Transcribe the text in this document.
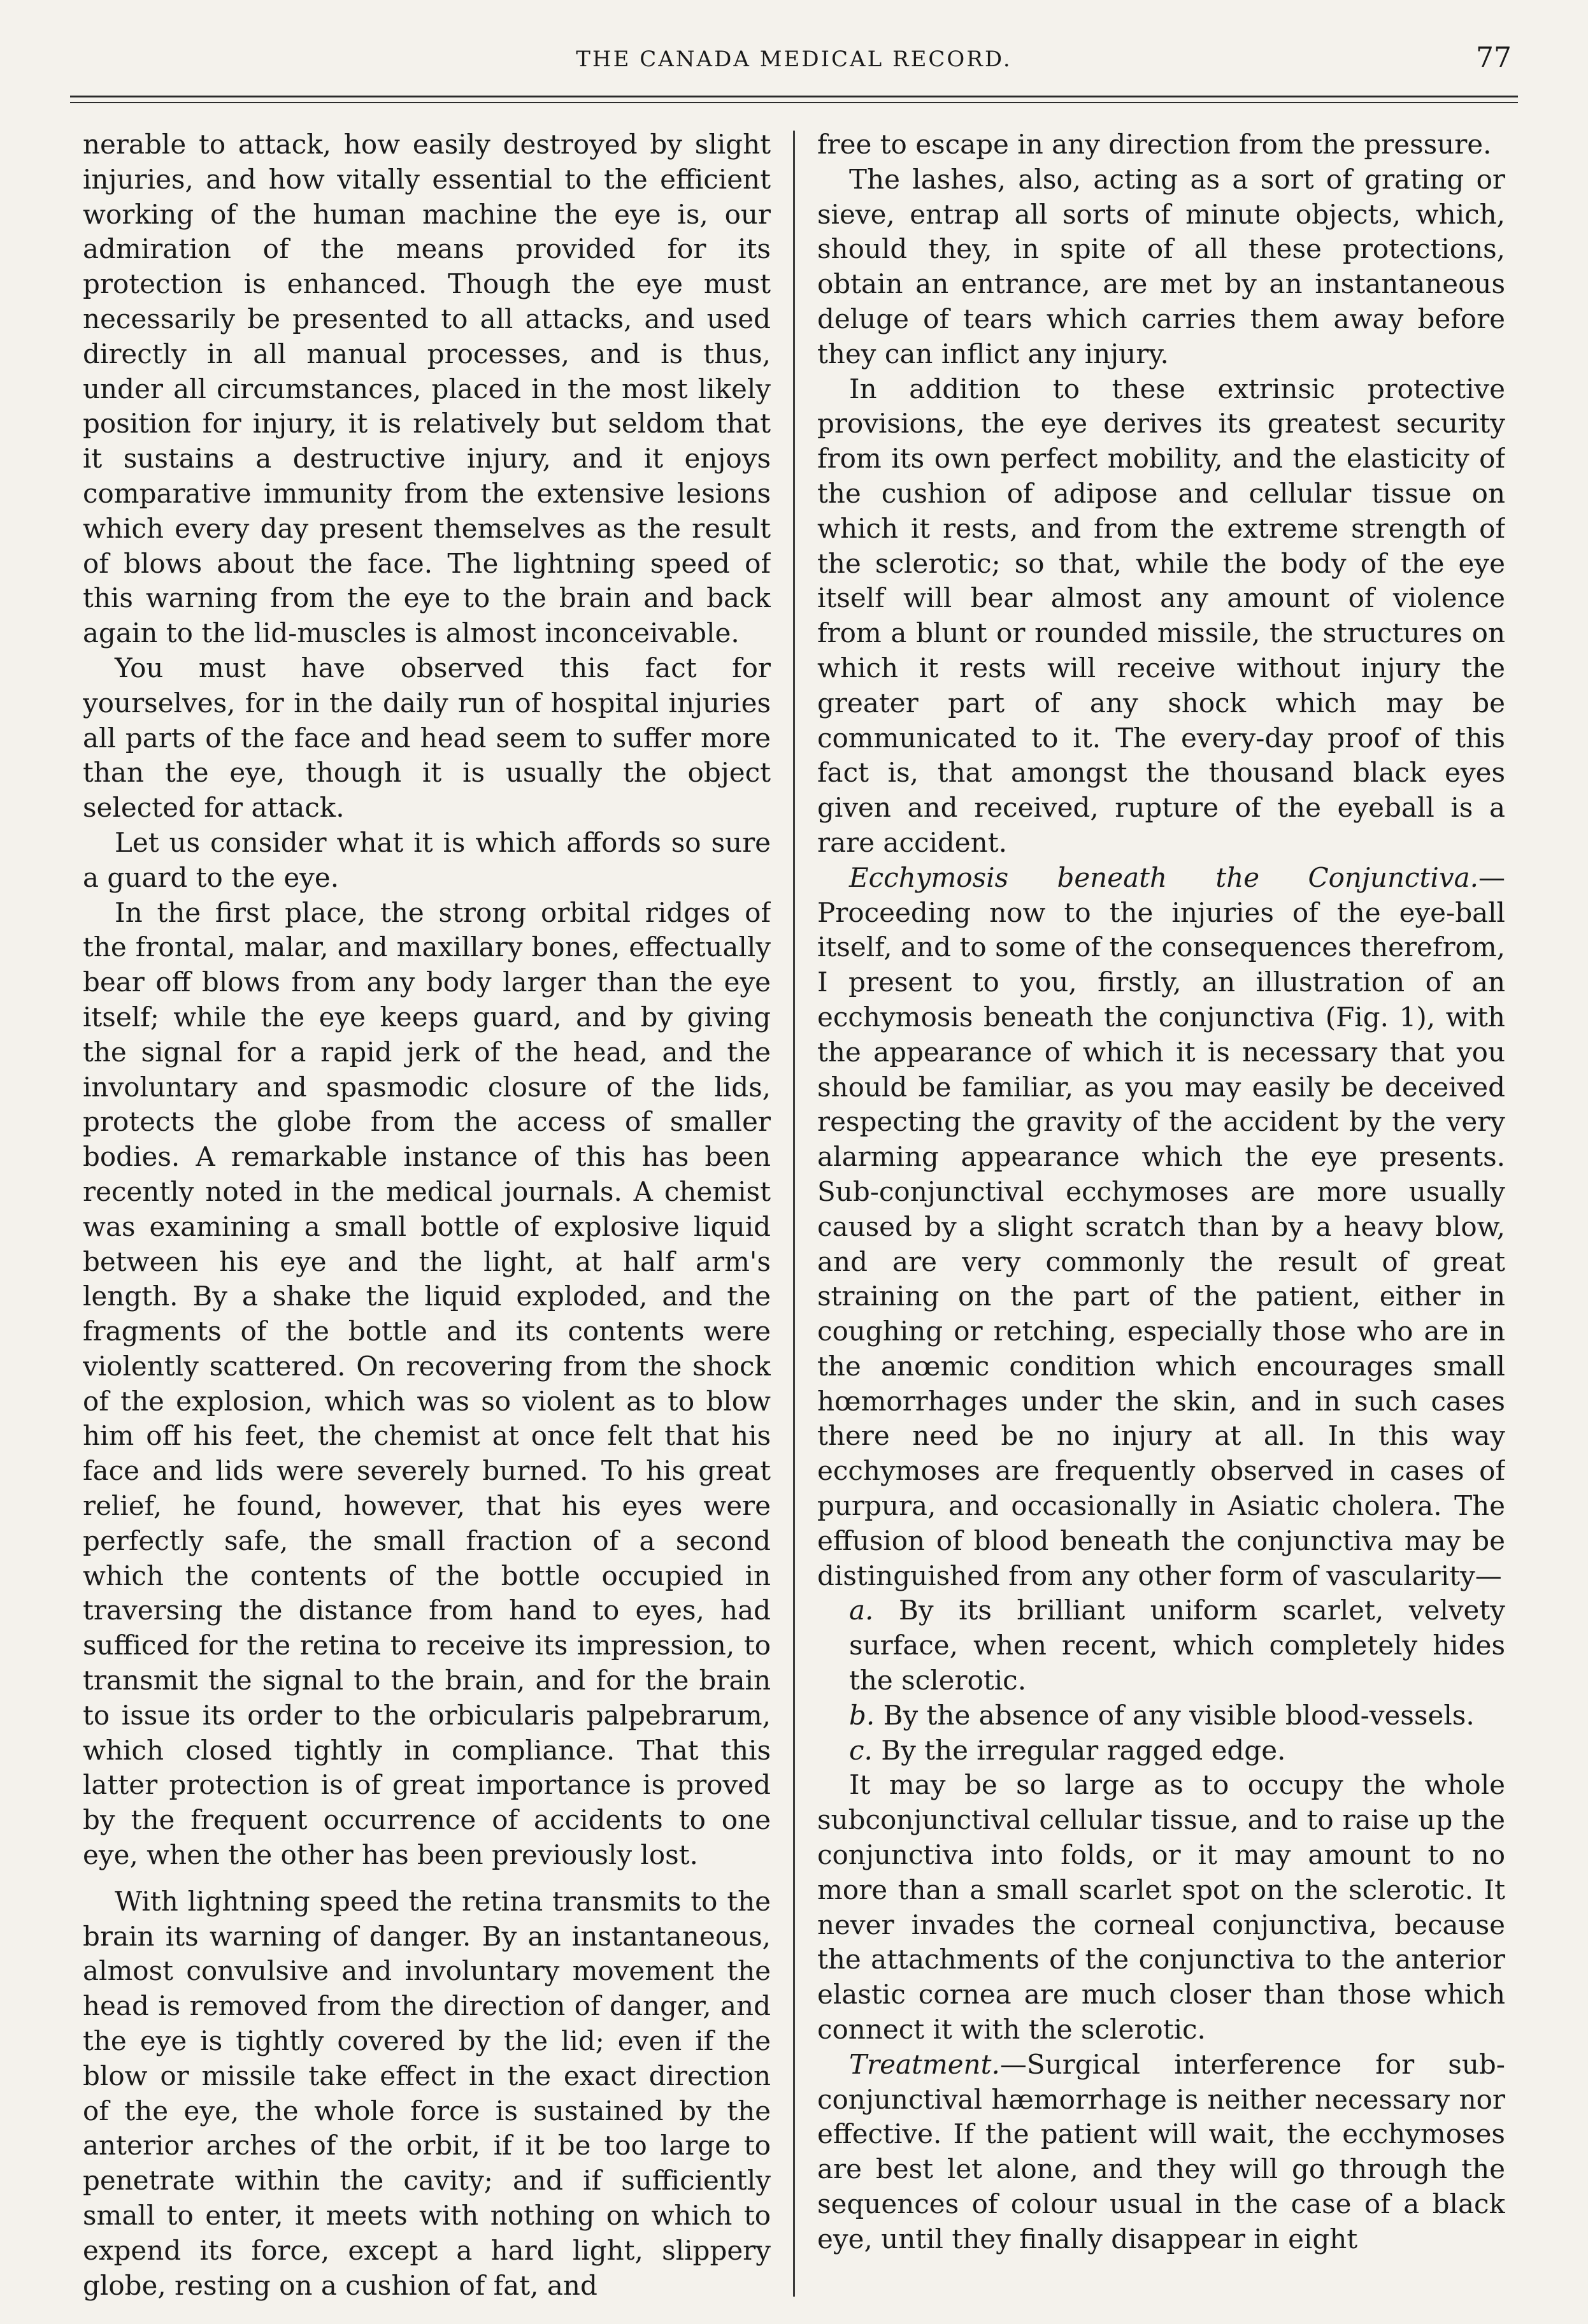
THE CANADA MEDICAL RECORD.	77

nerable to attack, how easily destroyed by slight injuries, and how vitally essential to the efficient working of the human machine the eye is, our admiration of the means provided for its protection is enhanced. Though the eye must necessarily be presented to all attacks, and used directly in all manual processes, and is thus, under all circumstances, placed in the most likely position for injury, it is relatively but seldom that it sustains a destructive injury, and it enjoys comparative immunity from the extensive lesions which every day present themselves as the result of blows about the face. The lightning speed of this warning from the eye to the brain and back again to the lid-muscles is almost inconceivable.

You must have observed this fact for yourselves, for in the daily run of hospital injuries all parts of the face and head seem to suffer more than the eye, though it is usually the object selected for attack.

Let us consider what it is which affords so sure a guard to the eye.

In the first place, the strong orbital ridges of the frontal, malar, and maxillary bones, effectually bear off blows from any body larger than the eye itself; while the eye keeps guard, and by giving the signal for a rapid jerk of the head, and the involuntary and spasmodic closure of the lids, protects the globe from the access of smaller bodies. A remarkable instance of this has been recently noted in the medical journals. A chemist was examining a small bottle of explosive liquid between his eye and the light, at half arm's length. By a shake the liquid exploded, and the fragments of the bottle and its contents were violently scattered. On recovering from the shock of the explosion, which was so violent as to blow him off his feet, the chemist at once felt that his face and lids were severely burned. To his great relief, he found, however, that his eyes were perfectly safe, the small fraction of a second which the contents of the bottle occupied in traversing the distance from hand to eyes, had sufficed for the retina to receive its impression, to transmit the signal to the brain, and for the brain to issue its order to the orbicularis palpebrarum, which closed tightly in compliance. That this latter protection is of great importance is proved by the frequent occurrence of accidents to one eye, when the other has been previously lost.

With lightning speed the retina transmits to the brain its warning of danger. By an instantaneous, almost convulsive and involuntary movement the head is removed from the direction of danger, and the eye is tightly covered by the lid; even if the blow or missile take effect in the exact direction of the eye, the whole force is sustained by the anterior arches of the orbit, if it be too large to penetrate within the cavity; and if sufficiently small to enter, it meets with nothing on which to expend its force, except a hard light, slippery globe, resting on a cushion of fat, and

free to escape in any direction from the pressure.

The lashes, also, acting as a sort of grating or sieve, entrap all sorts of minute objects, which, should they, in spite of all these protections, obtain an entrance, are met by an instantaneous deluge of tears which carries them away before they can inflict any injury.

In addition to these extrinsic protective provisions, the eye derives its greatest security from its own perfect mobility, and the elasticity of the cushion of adipose and cellular tissue on which it rests, and from the extreme strength of the sclerotic; so that, while the body of the eye itself will bear almost any amount of violence from a blunt or rounded missile, the structures on which it rests will receive without injury the greater part of any shock which may be communicated to it. The every-day proof of this fact is, that amongst the thousand black eyes given and received, rupture of the eyeball is a rare accident.

Ecchymosis beneath the Conjunctiva.—Proceeding now to the injuries of the eye-ball itself, and to some of the consequences therefrom, I present to you, firstly, an illustration of an ecchymosis beneath the conjunctiva (Fig. 1), with the appearance of which it is necessary that you should be familiar, as you may easily be deceived respecting the gravity of the accident by the very alarming appearance which the eye presents. Sub-conjunctival ecchymoses are more usually caused by a slight scratch than by a heavy blow, and are very commonly the result of great straining on the part of the patient, either in coughing or retching, especially those who are in the anœmic condition which encourages small hœmorrhages under the skin, and in such cases there need be no injury at all. In this way ecchymoses are frequently observed in cases of purpura, and occasionally in Asiatic cholera. The effusion of blood beneath the conjunctiva may be distinguished from any other form of vascularity—

a. By its brilliant uniform scarlet, velvety surface, when recent, which completely hides the sclerotic.

b. By the absence of any visible blood-vessels.

c. By the irregular ragged edge.

It may be so large as to occupy the whole subconjunctival cellular tissue, and to raise up the conjunctiva into folds, or it may amount to no more than a small scarlet spot on the sclerotic. It never invades the corneal conjunctiva, because the attachments of the conjunctiva to the anterior elastic cornea are much closer than those which connect it with the sclerotic.

Treatment.—Surgical interference for sub-conjunctival hæmorrhage is neither necessary nor effective. If the patient will wait, the ecchymoses are best let alone, and they will go through the sequences of colour usual in the case of a black eye, until they finally disappear in eight
